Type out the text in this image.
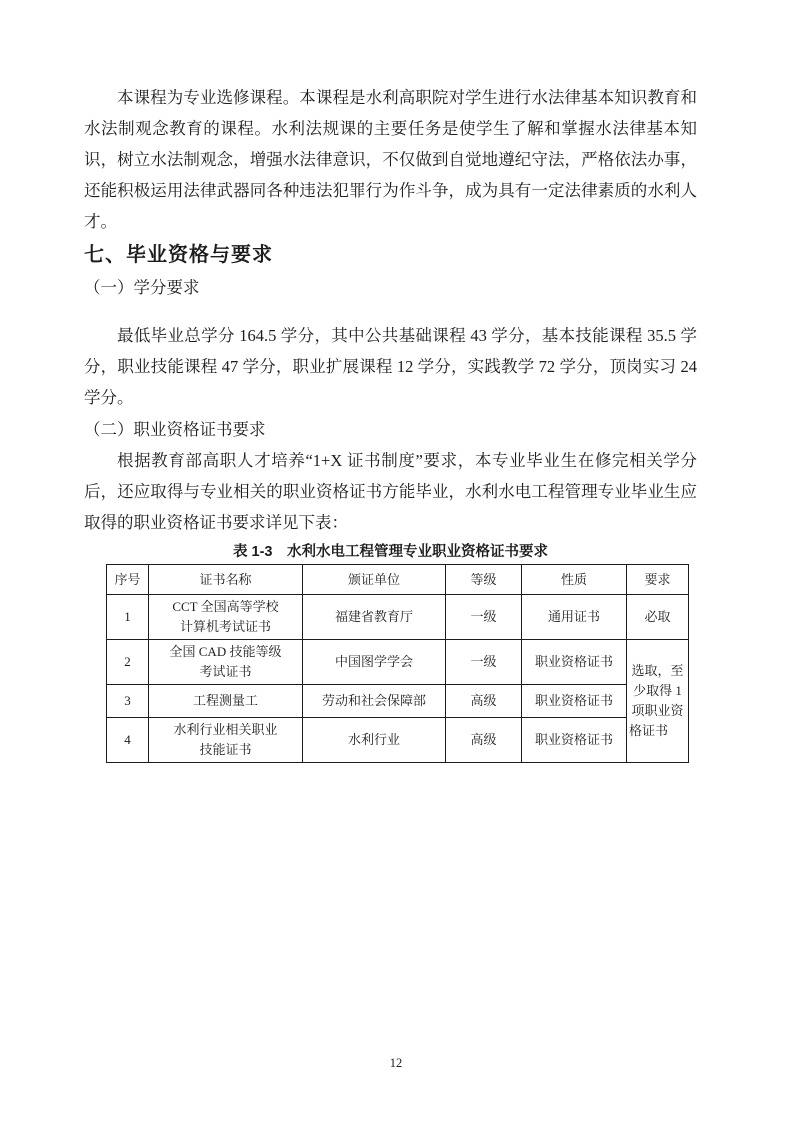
本课程为专业选修课程。本课程是水利高职院对学生进行水法律基本知识教育和水法制观念教育的课程。水利法规课的主要任务是使学生了解和掌握水法律基本知识，树立水法制观念，增强水法律意识，不仅做到自觉地遵纪守法，严格依法办事，还能积极运用法律武器同各种违法犯罪行为作斗争，成为具有一定法律素质的水利人才。

七、毕业资格与要求

（一）学分要求

最低毕业总学分 164.5 学分，其中公共基础课程 43 学分，基本技能课程 35.5 学分，职业技能课程 47 学分，职业扩展课程 12 学分，实践教学 72 学分，顶岗实习 24 学分。

（二）职业资格证书要求

根据教育部高职人才培养“1+X 证书制度”要求，本专业毕业生在修完相关学分后，还应取得与专业相关的职业资格证书方能毕业，水利水电工程管理专业毕业生应取得的职业资格证书要求详见下表：

表 1-3　水利水电工程管理专业职业资格证书要求

序号	证书名称	颁证单位	等级	性质	要求
1	CCT 全国高等学校
计算机考试证书	福建省教育厅	一级	通用证书	必取
2	全国 CAD 技能等级
考试证书	中国图学学会	一级	职业资格证书	选取，至少取得 1 项职业资格证书
3	工程测量工	劳动和社会保障部	高级	职业资格证书	
4	水利行业相关职业
技能证书	水利行业	高级	职业资格证书	
12
